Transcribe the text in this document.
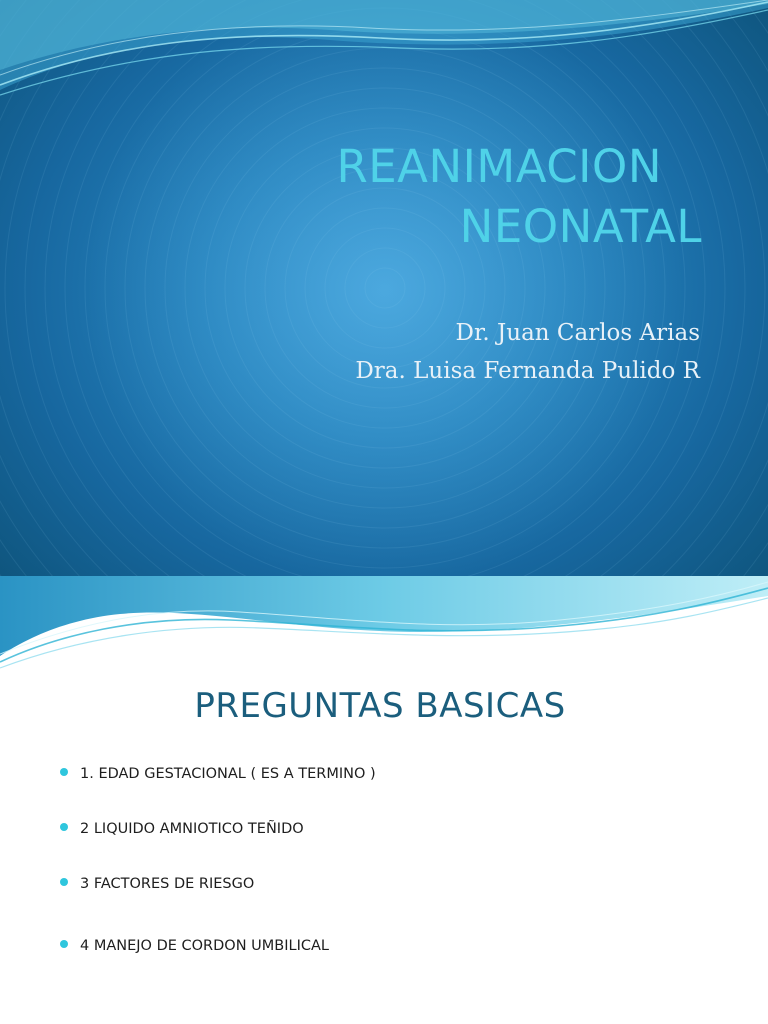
REANIMACION
NEONATAL
Dr. Juan Carlos Arias
Dra. Luisa Fernanda Pulido R
PREGUNTAS BASICAS
1. EDAD GESTACIONAL ( ES A TERMINO )
2 LIQUIDO AMNIOTICO TEÑIDO
3 FACTORES DE RIESGO
4 MANEJO DE CORDON UMBILICAL
